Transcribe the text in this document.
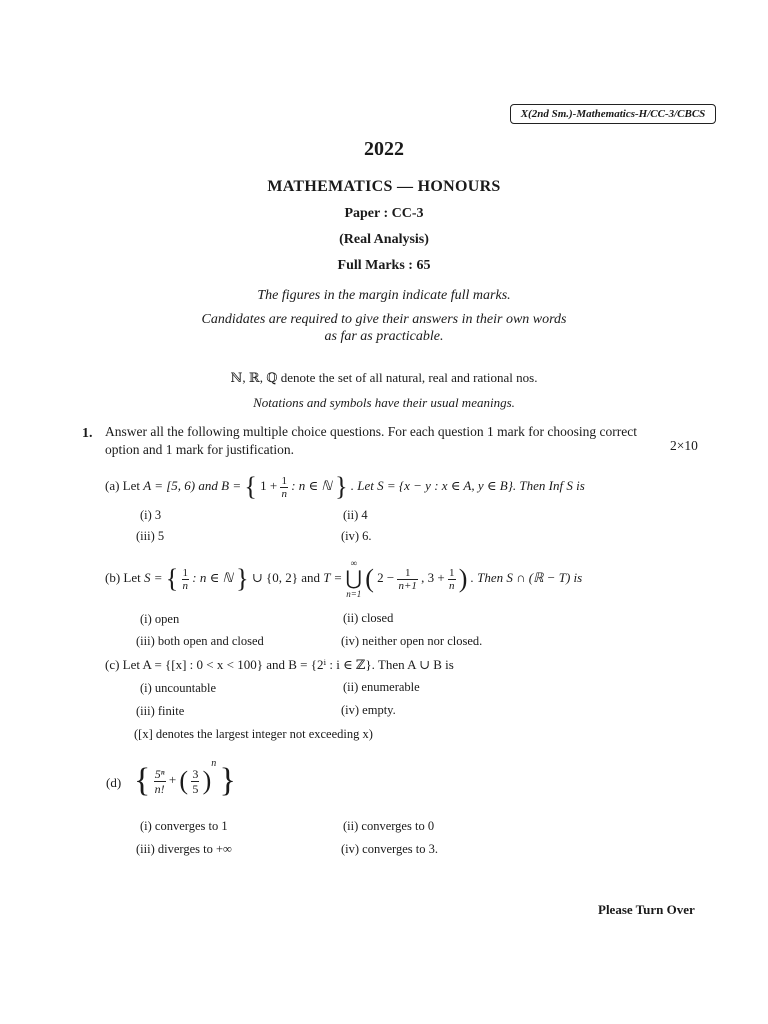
X(2nd Sm.)-Mathematics-H/CC-3/CBCS
2022
MATHEMATICS — HONOURS
Paper : CC-3
(Real Analysis)
Full Marks : 65
The figures in the margin indicate full marks.
Candidates are required to give their answers in their own words
as far as practicable.
ℕ, ℝ, ℚ denote the set of all natural, real and rational nos.
Notations and symbols have their usual meanings.
1. Answer all the following multiple choice questions. For each question 1 mark for choosing correct
option and 1 mark for justification.	2×10
(a) Let A = [5, 6) and B = { $1 + \frac{1}{n}$ : n ∈ ℕ } . Let S = {x − y : x ∈ A, y ∈ B}. Then Inf S is
(i) 3	(ii) 4
(iii) 5	(iv) 6.
(b) Let S = { $\frac{1}{n}$ : n ∈ ℕ } ∪ {0, 2} and T =
∞
⋃
n=1
( $2 - \frac{1}{n+1}$ , $3 + \frac{1}{n}$ ) . Then S ∩ (ℝ − T) is
(i) open	(ii) closed
(iii) both open and closed	(iv) neither open nor closed.
(c) Let A = {[x] : 0 < x < 100} and B = {2ⁱ : i ∈ ℤ}. Then A ∪ B is
(i) uncountable	(ii) enumerable
(iii) finite	(iv) empty.
([x] denotes the largest integer not exceeding x)
(d) { $\frac{\text{5ⁿ}}{n!}$ + ( $\frac{3}{5} )^n$ }
(i) converges to 1	(ii) converges to 0
(iii) diverges to +∞	(iv) converges to 3.
Please Turn Over
